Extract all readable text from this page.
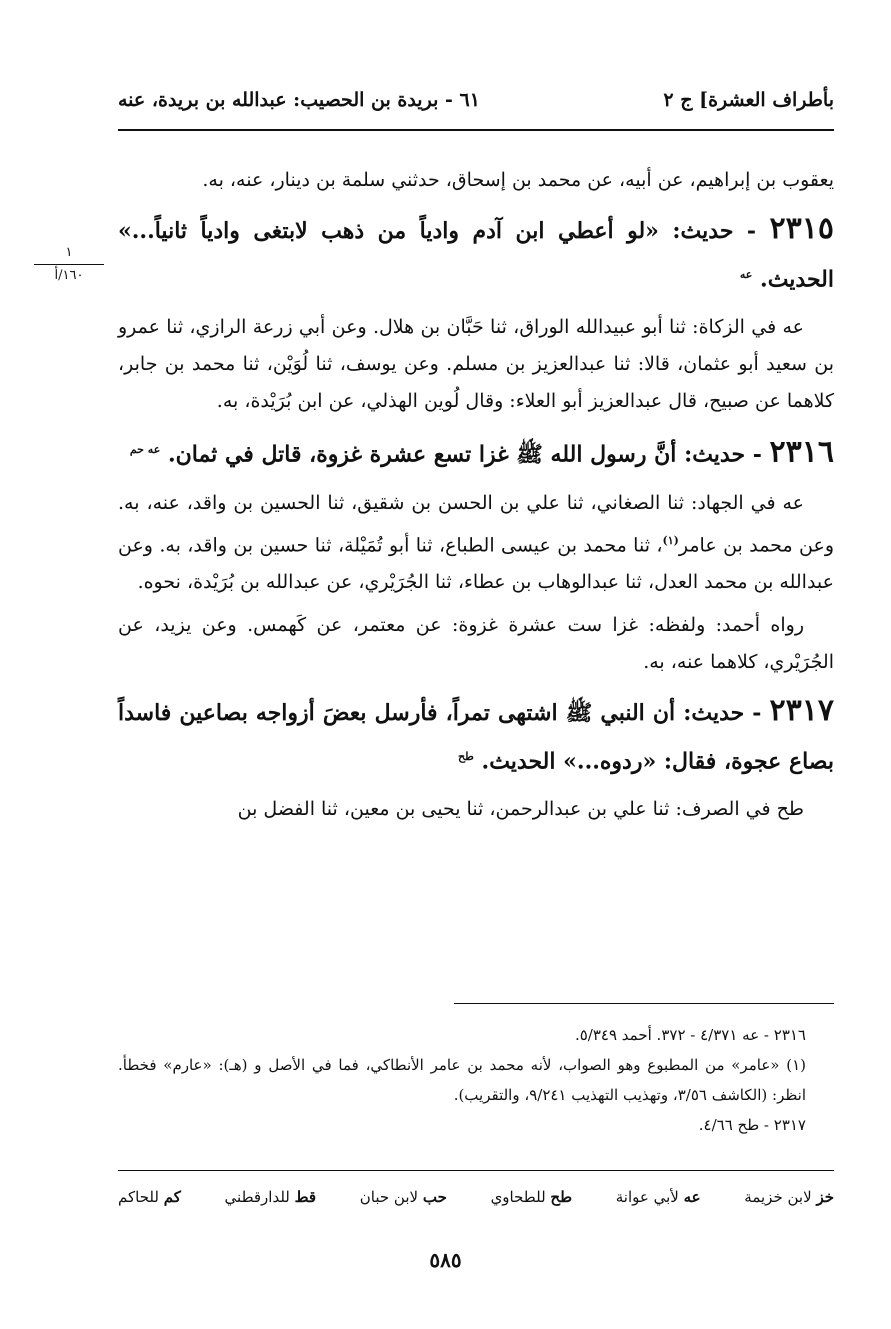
بأطراف العشرة] ج ٢
٦١ - بريدة بن الحصيب: عبدالله بن بريدة، عنه
١
١٦٠/أ

يعقوب بن إبراهيم، عن أبيه، عن محمد بن إسحاق، حدثني سلمة بن دينار، عنه، به.

٢٣١٥ - حديث: «لو أعطي ابن آدم وادياً من ذهب لابتغى وادياً ثانياً...» الحديث. $^{عه}$

عه في الزكاة: ثنا أبو عبيدالله الوراق، ثنا حَبَّان بن هلال. وعن أبي زرعة الرازي، ثنا عمرو بن سعيد أبو عثمان، قالا: ثنا عبدالعزيز بن مسلم. وعن يوسف، ثنا لُوَيْن، ثنا محمد بن جابر، كلاهما عن صبيح، قال عبدالعزيز أبو العلاء: وقال لُوين الهذلي، عن ابن بُرَيْدة، به.

٢٣١٦ - حديث: أنَّ رسول الله ﷺ غزا تسع عشرة غزوة، قاتل في ثمان. $^{عه حم}$

عه في الجهاد: ثنا الصغاني، ثنا علي بن الحسن بن شقيق، ثنا الحسين بن واقد، عنه، به. وعن محمد بن عامر$^{(١)}$، ثنا محمد بن عيسى الطباع، ثنا أبو تُمَيْلة، ثنا حسين بن واقد، به. وعن عبدالله بن محمد العدل، ثنا عبدالوهاب بن عطاء، ثنا الجُرَيْري، عن عبدالله بن بُرَيْدة، نحوه.

رواه أحمد: ولفظه: غزا ست عشرة غزوة: عن معتمر، عن كَهمس. وعن يزيد، عن الجُرَيْري، كلاهما عنه، به.

٢٣١٧ - حديث: أن النبي ﷺ اشتهى تمراً، فأرسل بعضَ أزواجه بصاعين فاسداً بصاع عجوة، فقال: «ردوه...» الحديث. $^{طح}$

طح في الصرف: ثنا علي بن عبدالرحمن، ثنا يحيى بن معين، ثنا الفضل بن

٢٣١٦ - عه ٤/٣٧١ - ٣٧٢. أحمد ٥/٣٤٩.

(١) «عامر» من المطبوع وهو الصواب، لأنه محمد بن عامر الأنطاكي، فما في الأصل و (هـ): «عارم» فخطأ. انظر: (الكاشف ٣/٥٦، وتهذيب التهذيب ٩/٢٤١، والتقريب).

٢٣١٧ - طح ٤/٦٦.

خز لابن خزيمة
عه لأبي عوانة
طح للطحاوي
حب لابن حبان
قط للدارقطني
كم للحاكم
٥٨٥
